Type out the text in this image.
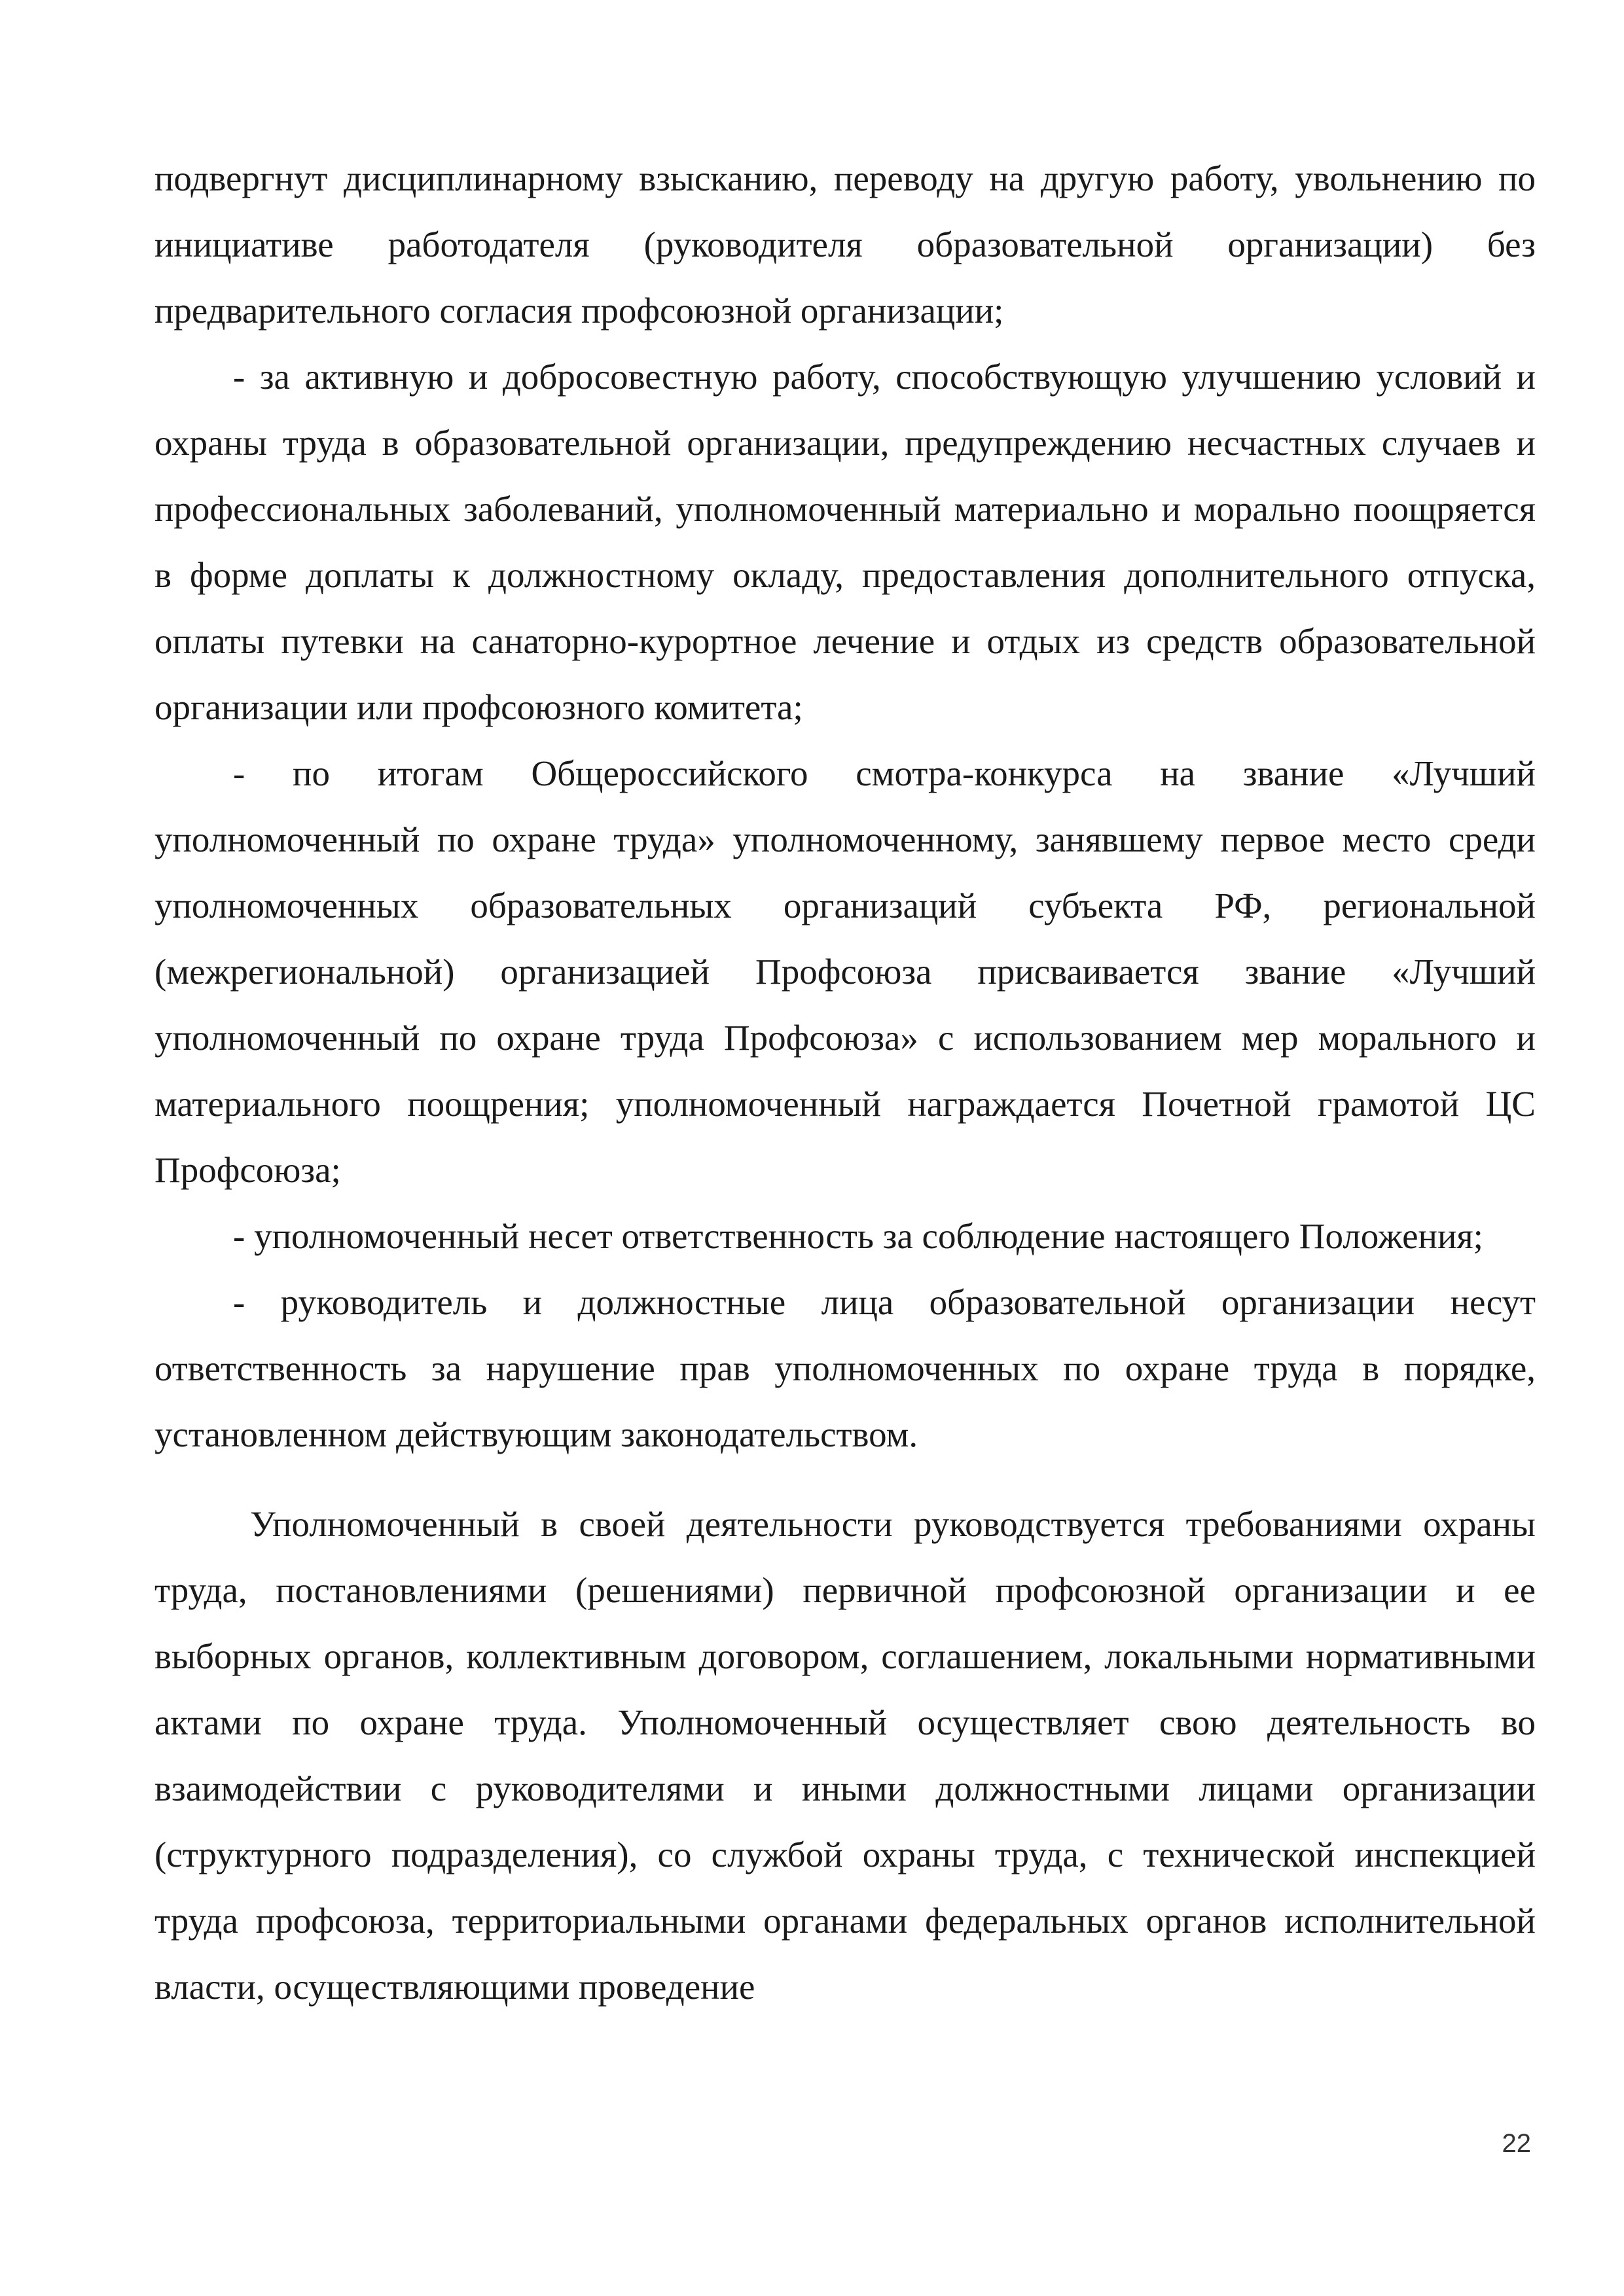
подвергнут дисциплинарному взысканию, переводу на другую работу, увольнению по инициативе работодателя (руководителя образовательной организации) без предварительного согласия профсоюзной организации;

- за активную и добросовестную работу, способствующую улучшению условий и охраны труда в образовательной организации, предупреждению несчастных случаев и профессиональных заболеваний, уполномоченный материально и морально поощряется в форме доплаты к должностному окладу, предоставления дополнительного отпуска, оплаты путевки на санаторно-курортное лечение и отдых из средств образовательной организации или профсоюзного комитета;

- по итогам Общероссийского смотра-конкурса на звание «Лучший уполномоченный по охране труда» уполномоченному, занявшему первое место среди уполномоченных образовательных организаций субъекта РФ, региональной (межрегиональной) организацией Профсоюза присваивается звание «Лучший уполномоченный по охране труда Профсоюза» с использованием мер морального и материального поощрения; уполномоченный награждается Почетной грамотой ЦС Профсоюза;

- уполномоченный несет ответственность за соблюдение настоящего Положения;

- руководитель и должностные лица образовательной организации несут ответственность за нарушение прав уполномоченных по охране труда в порядке, установленном действующим законодательством.

Уполномоченный в своей деятельности руководствуется требованиями охраны труда, постановлениями (решениями) первичной профсоюзной организации и ее выборных органов, коллективным договором, соглашением, локальными нормативными актами по охране труда. Уполномоченный осуществляет свою деятельность во взаимодействии с руководителями и иными должностными лицами организации (структурного подразделения), со службой охраны труда, с технической инспекцией труда профсоюза, территориальными органами федеральных органов исполнительной власти, осуществляющими проведение

22
